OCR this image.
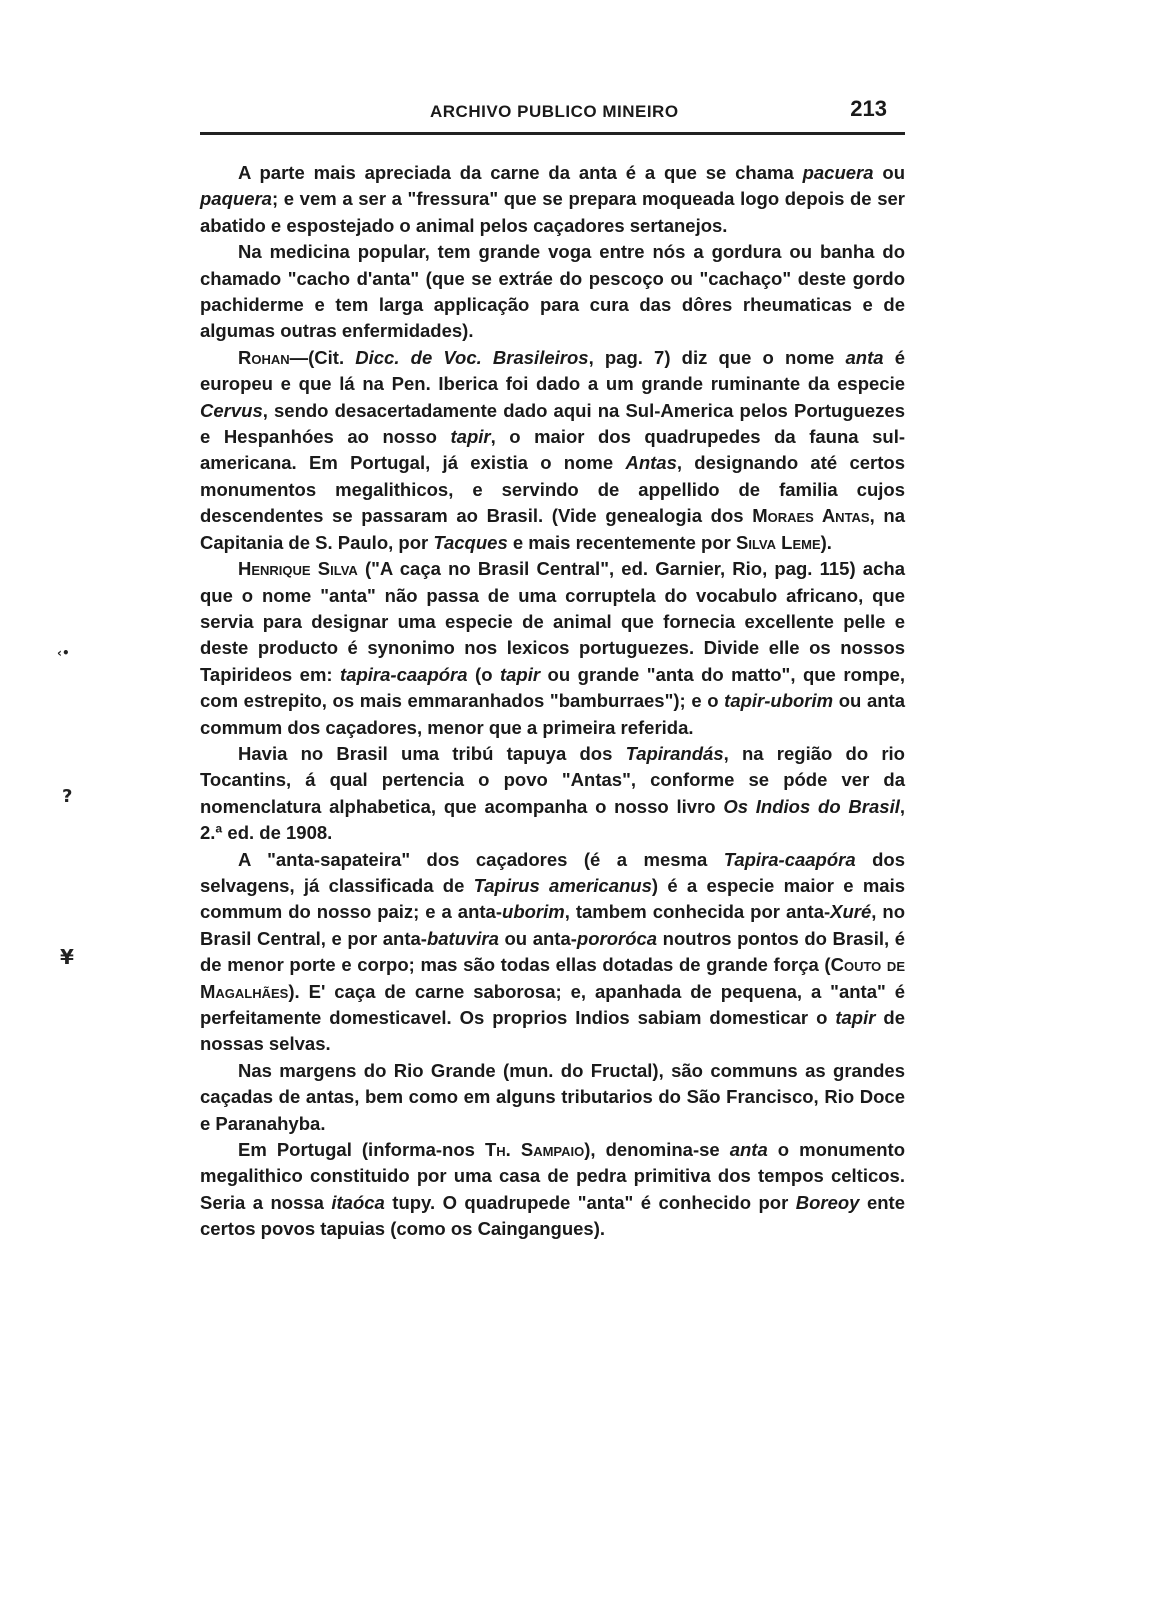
ARCHIVO PUBLICO MINEIRO	213

A parte mais apreciada da carne da anta é a que se chama pacuera ou paquera; e vem a ser a "fressura" que se prepara moqueada logo depois de ser abatido e espostejado o animal pelos caçadores sertanejos.

Na medicina popular, tem grande voga entre nós a gordura ou banha do chamado "cacho d'anta" (que se extráe do pescoço ou "cachaço" deste gordo pachiderme e tem larga applicação para cura das dôres rheumaticas e de algumas outras enfermidades).

Rohan—(Cit. Dicc. de Voc. Brasileiros, pag. 7) diz que o nome anta é europeu e que lá na Pen. Iberica foi dado a um grande ruminante da especie Cervus, sendo desacertadamente dado aqui na Sul-America pelos Portuguezes e Hespanhóes ao nosso tapir, o maior dos quadrupedes da fauna sul-americana. Em Portugal, já existia o nome Antas, designando até certos monumentos megalithicos, e servindo de appellido de familia cujos descendentes se passaram ao Brasil. (Vide genealogia dos Moraes Antas, na Capitania de S. Paulo, por Tacques e mais recentemente por Silva Leme).

Henrique Silva ("A caça no Brasil Central", ed. Garnier, Rio, pag. 115) acha que o nome "anta" não passa de uma corruptela do vocabulo africano, que servia para designar uma especie de animal que fornecia excellente pelle e deste producto é synonimo nos lexicos portuguezes. Divide elle os nossos Tapirideos em: tapira-caapóra (o tapir ou grande "anta do matto", que rompe, com estrepito, os mais emmaranhados "bamburraes"); e o tapir-uborim ou anta commum dos caçadores, menor que a primeira referida.

Havia no Brasil uma tribú tapuya dos Tapirandás, na região do rio Tocantins, á qual pertencia o povo "Antas", conforme se póde ver da nomenclatura alphabetica, que acompanha o nosso livro Os Indios do Brasil, 2.ª ed. de 1908.

A "anta-sapateira" dos caçadores (é a mesma Tapira-caapóra dos selvagens, já classificada de Tapirus americanus) é a especie maior e mais commum do nosso paiz; e a anta-uborim, tambem conhecida por anta-Xuré, no Brasil Central, e por anta-batuvira ou anta-pororóca noutros pontos do Brasil, é de menor porte e corpo; mas são todas ellas dotadas de grande força (Couto de Magalhães). E' caça de carne saborosa; e, apanhada de pequena, a "anta" é perfeitamente domesticavel. Os proprios Indios sabiam domesticar o tapir de nossas selvas.

Nas margens do Rio Grande (mun. do Fructal), são communs as grandes caçadas de antas, bem como em alguns tributarios do São Francisco, Rio Doce e Paranahyba.

Em Portugal (informa-nos Th. Sampaio), denomina-se anta o monumento megalithico constituido por uma casa de pedra primitiva dos tempos celticos. Seria a nossa itaóca tupy. O quadrupede "anta" é conhecido por Boreoy ente certos povos tapuias (como os Caingangues).

‹•
?
¥
